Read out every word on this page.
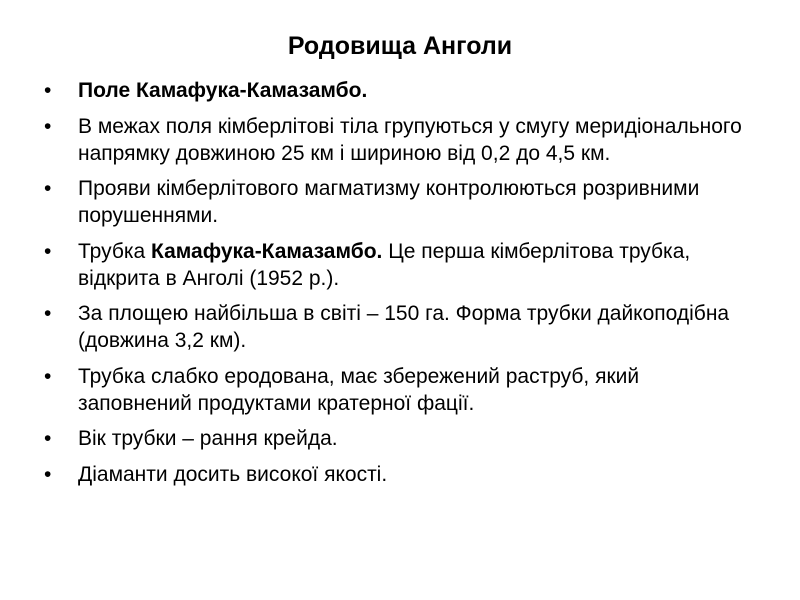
Родовища Анголи
•	Поле Камафука-Камазамбо.
•	В межах поля кімберлітові тіла групуються у смугу меридіонального напрямку довжиною 25 км і шириною від 0,2 до 4,5 км.
•	Прояви кімберлітового магматизму контролюються розривними порушеннями.
•	Трубка Камафука-Камазамбо. Це перша кімберлітова трубка, відкрита в Анголі (1952 р.).
•	За площею найбільша в світі – 150 га. Форма трубки дайкоподібна (довжина 3,2 км).
•	Трубка слабко еродована, має збережений раструб, який заповнений продуктами кратерної фації.
•	Вік трубки – рання крейда.
•	Діаманти досить високої якості.
